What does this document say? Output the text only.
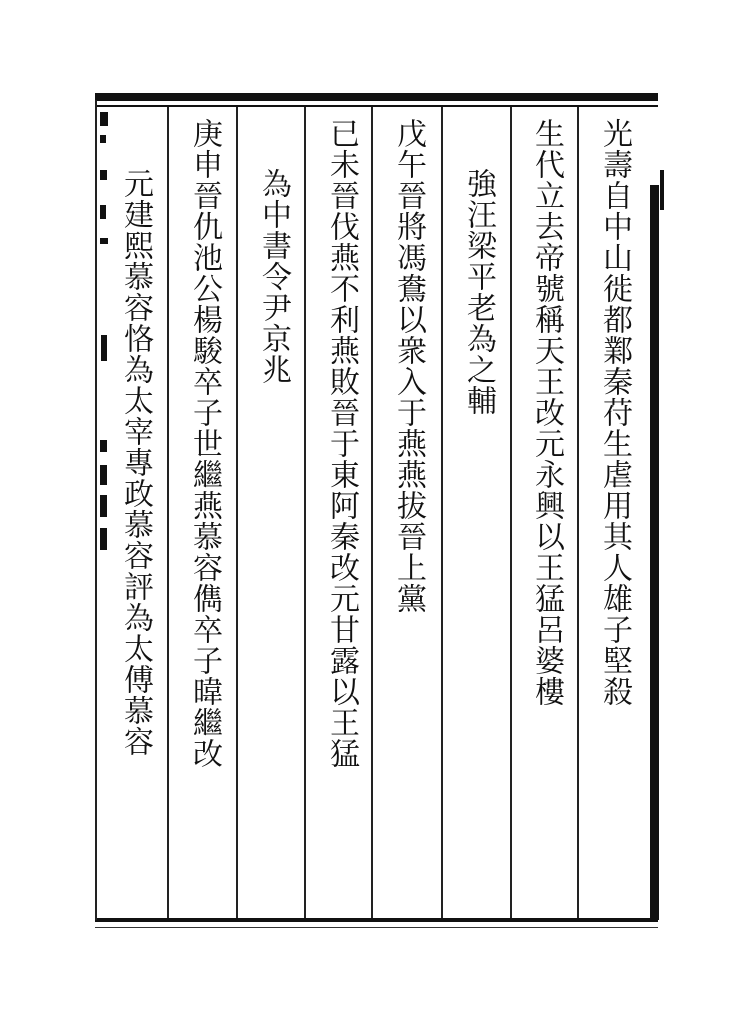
光壽自中山徙都鄴秦苻生虐用其人雄子堅殺
生代立去帝號稱天王改元永興以王猛呂婆樓
強汪梁平老為之輔
戊午晉將馮鴦以衆入于燕燕拔晉上黨
已未晉伐燕不利燕敗晉于東阿秦改元甘露以王猛
為中書令尹京兆
庚申晉仇池公楊駿卒子世繼燕慕容儁卒子暐繼改
元建熙慕容恪為太宰專政慕容評為太傅慕容
